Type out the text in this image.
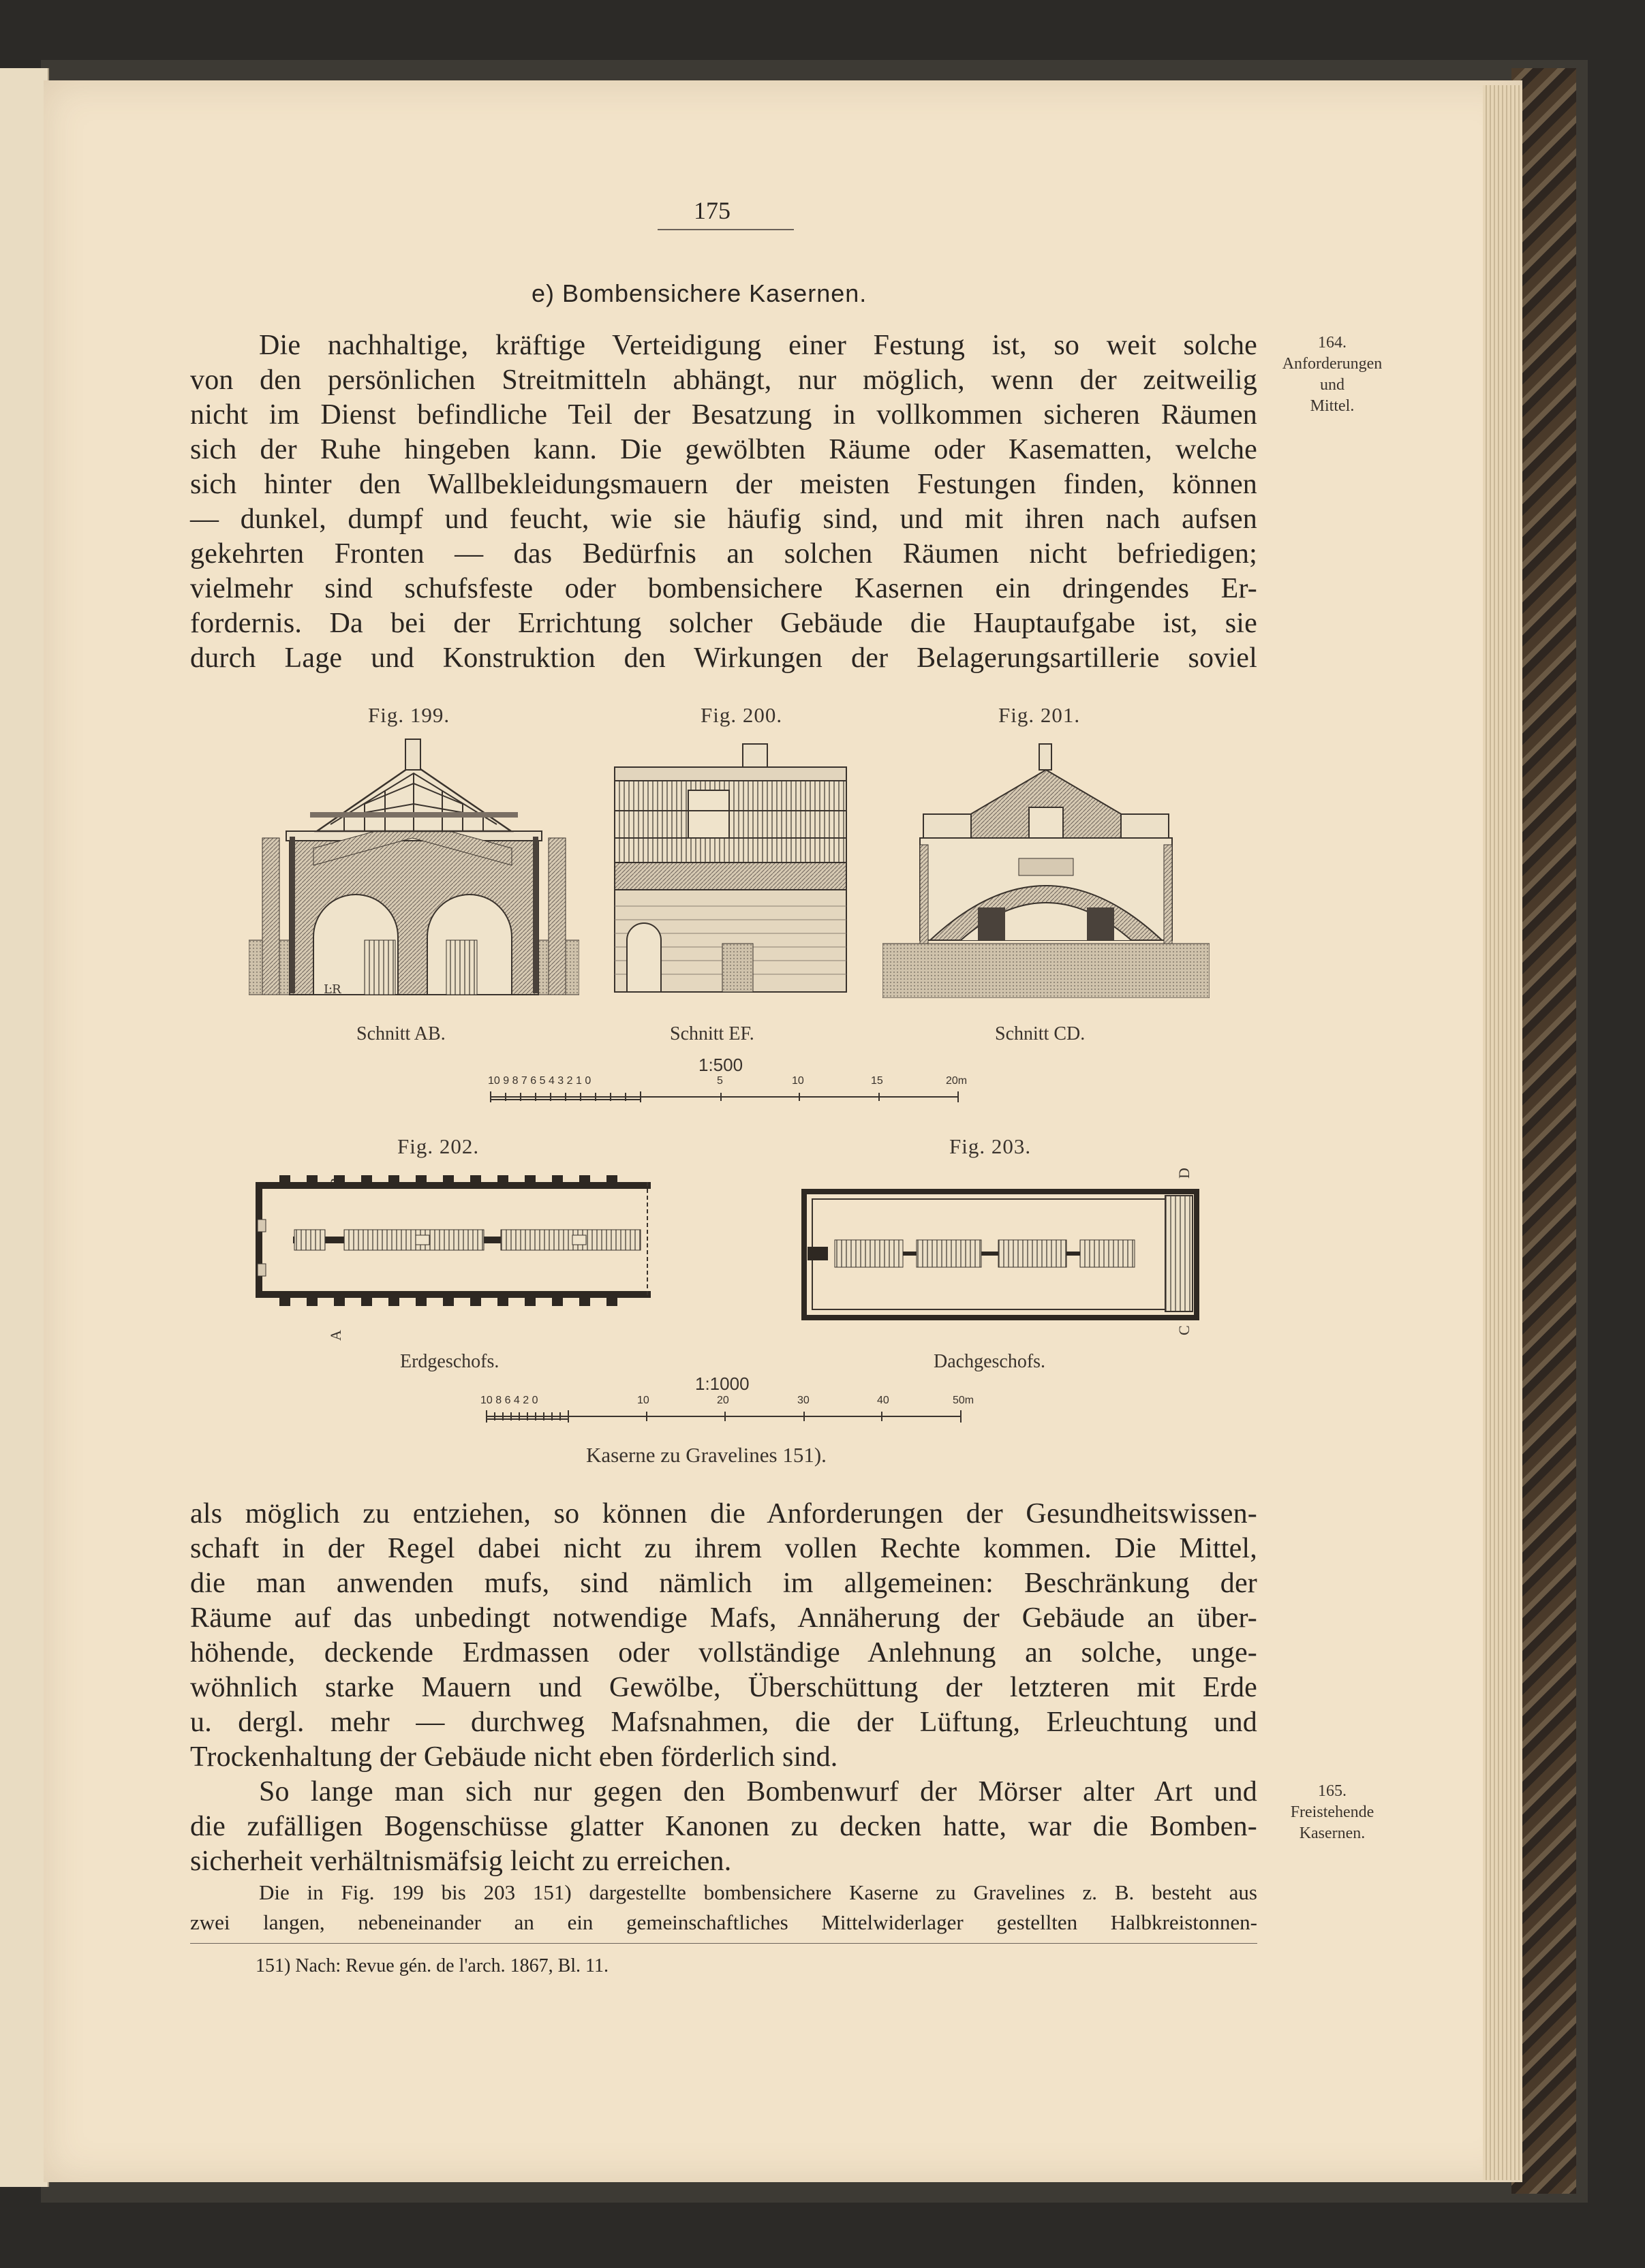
175
e) Bombensichere Kasernen.
164.
Anforderungen
und
Mittel.
165.
Freistehende
Kasernen.
Die nachhaltige, kräftige Verteidigung einer Festung ist, so weit solche
von den persönlichen Streitmitteln abhängt, nur möglich, wenn der zeitweilig
nicht im Dienst befindliche Teil der Besatzung in vollkommen sicheren Räumen
sich der Ruhe hingeben kann. Die gewölbten Räume oder Kasematten, welche
sich hinter den Wallbekleidungsmauern der meisten Festungen finden, können
— dunkel, dumpf und feucht, wie sie häufig sind, und mit ihren nach aufsen
gekehrten Fronten — das Bedürfnis an solchen Räumen nicht befriedigen;
vielmehr sind schufsfeste oder bombensichere Kasernen ein dringendes Er-
fordernis. Da bei der Errichtung solcher Gebäude die Hauptaufgabe ist, sie
durch Lage und Konstruktion den Wirkungen der Belagerungsartillerie soviel
Fig. 199.	Fig. 200.	Fig. 201.
ĿR
Schnitt AB.	Schnitt EF.	Schnitt CD.
1:500
10 9 8 7 6 5 4 3 2 1 0	5	10	15	20m
Fig. 202.	Fig. 203.
A
D
C
Erdgeschofs.	Dachgeschofs.
1:1000
10 8 6 4 2 0	10	20	30	40	50m
Kaserne zu Gravelines 151).
als möglich zu entziehen, so können die Anforderungen der Gesundheitswissen-
schaft in der Regel dabei nicht zu ihrem vollen Rechte kommen. Die Mittel,
die man anwenden mufs, sind nämlich im allgemeinen: Beschränkung der
Räume auf das unbedingt notwendige Mafs, Annäherung der Gebäude an über-
höhende, deckende Erdmassen oder vollständige Anlehnung an solche, unge-
wöhnlich starke Mauern und Gewölbe, Überschüttung der letzteren mit Erde
u. dergl. mehr — durchweg Mafsnahmen, die der Lüftung, Erleuchtung und
Trockenhaltung der Gebäude nicht eben förderlich sind.
So lange man sich nur gegen den Bombenwurf der Mörser alter Art und
die zufälligen Bogenschüsse glatter Kanonen zu decken hatte, war die Bomben-
sicherheit verhältnismäfsig leicht zu erreichen.
Die in Fig. 199 bis 203 151) dargestellte bombensichere Kaserne zu Gravelines z. B. besteht aus
zwei langen, nebeneinander an ein gemeinschaftliches Mittelwiderlager gestellten Halbkreistonnen-
151) Nach: Revue gén. de l'arch. 1867, Bl. 11.
